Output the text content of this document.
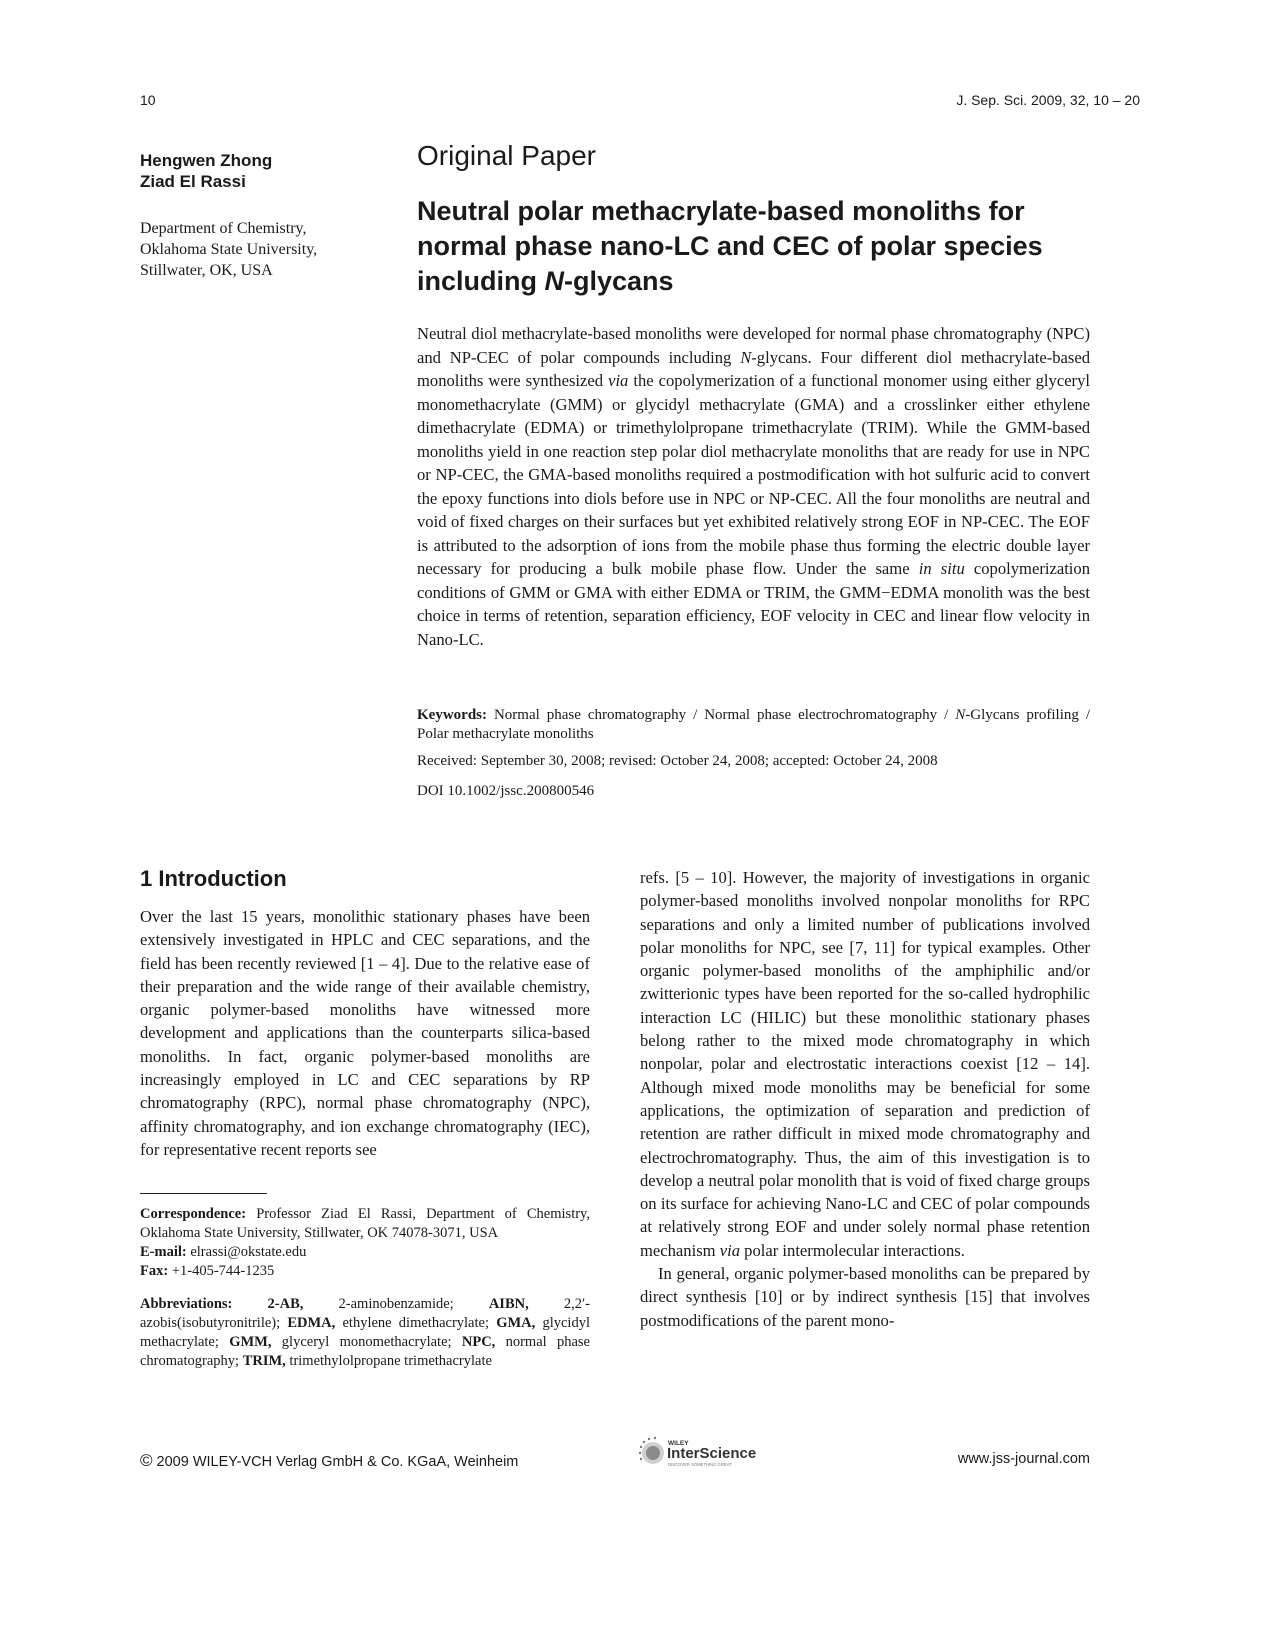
10	J. Sep. Sci. 2009, 32, 10 – 20
Hengwen Zhong
Ziad El Rassi
Department of Chemistry,
Oklahoma State University,
Stillwater, OK, USA
Original Paper
Neutral polar methacrylate-based monoliths for normal phase nano-LC and CEC of polar species including N-glycans

Neutral diol methacrylate-based monoliths were developed for normal phase chromatography (NPC) and NP-CEC of polar compounds including N-glycans. Four different diol methacrylate-based monoliths were synthesized via the copolymerization of a functional monomer using either glyceryl monomethacrylate (GMM) or glycidyl methacrylate (GMA) and a crosslinker either ethylene dimethacrylate (EDMA) or trimethylolpropane trimethacrylate (TRIM). While the GMM-based monoliths yield in one reaction step polar diol methacrylate monoliths that are ready for use in NPC or NP-CEC, the GMA-based monoliths required a postmodification with hot sulfuric acid to convert the epoxy functions into diols before use in NPC or NP-CEC. All the four monoliths are neutral and void of fixed charges on their surfaces but yet exhibited relatively strong EOF in NP-CEC. The EOF is attributed to the adsorption of ions from the mobile phase thus forming the electric double layer necessary for producing a bulk mobile phase flow. Under the same in situ copolymerization conditions of GMM or GMA with either EDMA or TRIM, the GMM−EDMA monolith was the best choice in terms of retention, separation efficiency, EOF velocity in CEC and linear flow velocity in Nano-LC.

Keywords: Normal phase chromatography / Normal phase electrochromatography / N-Glycans profiling / Polar methacrylate monoliths

Received: September 30, 2008; revised: October 24, 2008; accepted: October 24, 2008
DOI 10.1002/jssc.200800546
1 Introduction

Over the last 15 years, monolithic stationary phases have been extensively investigated in HPLC and CEC separations, and the field has been recently reviewed [1 – 4]. Due to the relative ease of their preparation and the wide range of their available chemistry, organic polymer-based monoliths have witnessed more development and applications than the counterparts silica-based monoliths. In fact, organic polymer-based monoliths are increasingly employed in LC and CEC separations by RP chromatography (RPC), normal phase chromatography (NPC), affinity chromatography, and ion exchange chromatography (IEC), for representative recent reports see

refs. [5 – 10]. However, the majority of investigations in organic polymer-based monoliths involved nonpolar monoliths for RPC separations and only a limited number of publications involved polar monoliths for NPC, see [7, 11] for typical examples. Other organic polymer-based monoliths of the amphiphilic and/or zwitterionic types have been reported for the so-called hydrophilic interaction LC (HILIC) but these monolithic stationary phases belong rather to the mixed mode chromatography in which nonpolar, polar and electrostatic interactions coexist [12 – 14]. Although mixed mode monoliths may be beneficial for some applications, the optimization of separation and prediction of retention are rather difficult in mixed mode chromatography and electrochromatography. Thus, the aim of this investigation is to develop a neutral polar monolith that is void of fixed charge groups on its surface for achieving Nano-LC and CEC of polar compounds at relatively strong EOF and under solely normal phase retention mechanism via polar intermolecular interactions.

In general, organic polymer-based monoliths can be prepared by direct synthesis [10] or by indirect synthesis [15] that involves postmodifications of the parent mono-

Correspondence: Professor Ziad El Rassi, Department of Chemistry, Oklahoma State University, Stillwater, OK 74078-3071, USA

E-mail: elrassi@okstate.edu

Fax: +1-405-744-1235

Abbreviations: 2-AB, 2-aminobenzamide; AIBN, 2,2′-azobis(isobutyronitrile); EDMA, ethylene dimethacrylate; GMA, glycidyl methacrylate; GMM, glyceryl monomethacrylate; NPC, normal phase chromatography; TRIM, trimethylolpropane trimethacrylate

© 2009 WILEY-VCH Verlag GmbH & Co. KGaA, Weinheim
WILEY
InterScience
DISCOVER SOMETHING GREAT	www.jss-journal.com
